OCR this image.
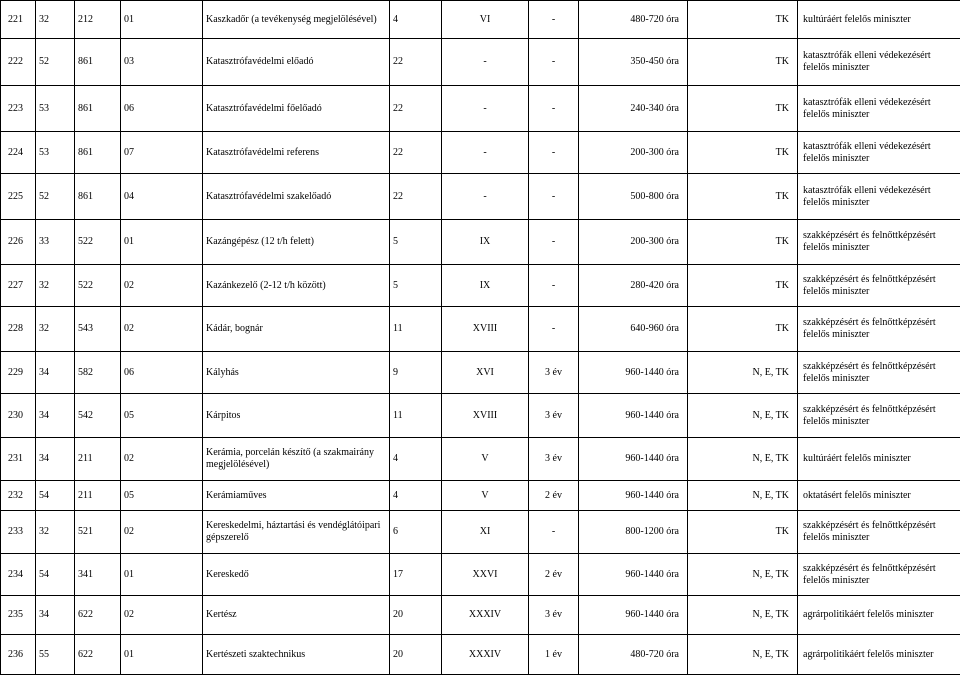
221	32	212	01	Kaszkadőr (a tevékenység megjelölésével)	4	VI	-	480-720 óra	TK	kultúráért felelős miniszter
222	52	861	03	Katasztrófavédelmi előadó	22	-	-	350-450 óra	TK	katasztrófák elleni védekezésért felelős miniszter
223	53	861	06	Katasztrófavédelmi főelőadó	22	-	-	240-340 óra	TK	katasztrófák elleni védekezésért felelős miniszter
224	53	861	07	Katasztrófavédelmi referens	22	-	-	200-300 óra	TK	katasztrófák elleni védekezésért felelős miniszter
225	52	861	04	Katasztrófavédelmi szakelőadó	22	-	-	500-800 óra	TK	katasztrófák elleni védekezésért felelős miniszter
226	33	522	01	Kazángépész (12 t/h felett)	5	IX	-	200-300 óra	TK	szakképzésért és felnőttképzésért felelős miniszter
227	32	522	02	Kazánkezelő (2-12 t/h között)	5	IX	-	280-420 óra	TK	szakképzésért és felnőttképzésért felelős miniszter
228	32	543	02	Kádár, bognár	11	XVIII	-	640-960 óra	TK	szakképzésért és felnőttképzésért felelős miniszter
229	34	582	06	Kályhás	9	XVI	3 év	960-1440 óra	N, E, TK	szakképzésért és felnőttképzésért felelős miniszter
230	34	542	05	Kárpitos	11	XVIII	3 év	960-1440 óra	N, E, TK	szakképzésért és felnőttképzésért felelős miniszter
231	34	211	02	Kerámia, porcelán készítő (a szakmairány megjelölésével)	4	V	3 év	960-1440 óra	N, E, TK	kultúráért felelős miniszter
232	54	211	05	Kerámiaműves	4	V	2 év	960-1440 óra	N, E, TK	oktatásért felelős miniszter
233	32	521	02	Kereskedelmi, háztartási és vendéglátóipari gépszerelő	6	XI	-	800-1200 óra	TK	szakképzésért és felnőttképzésért felelős miniszter
234	54	341	01	Kereskedő	17	XXVI	2 év	960-1440 óra	N, E, TK	szakképzésért és felnőttképzésért felelős miniszter
235	34	622	02	Kertész	20	XXXIV	3 év	960-1440 óra	N, E, TK	agrárpolitikáért felelős miniszter
236	55	622	01	Kertészeti szaktechnikus	20	XXXIV	1 év	480-720 óra	N, E, TK	agrárpolitikáért felelős miniszter
